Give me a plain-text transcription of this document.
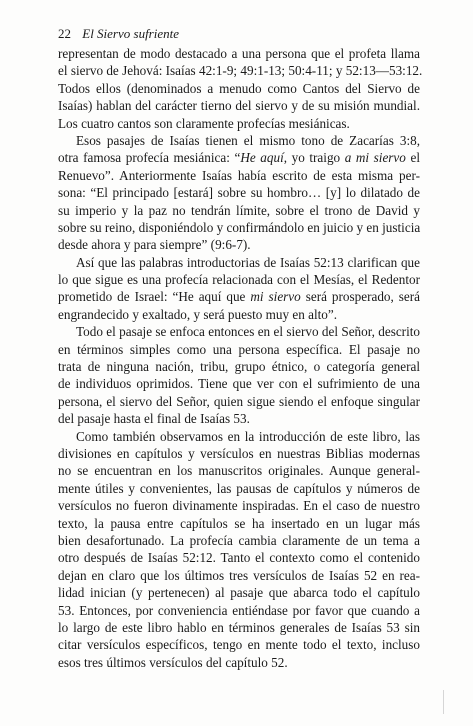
22 El Siervo sufriente
representan de modo destacado a una persona que el profeta llama
el siervo de Jehová: Isaías 42:1-9; 49:1-13; 50:4-11; y 52:13—53:12.
Todos ellos (denominados a menudo como Cantos del Siervo de
Isaías) hablan del carácter tierno del siervo y de su misión mundial.
Los cuatro cantos son claramente profecías mesiánicas.
Esos pasajes de Isaías tienen el mismo tono de Zacarías 3:8,
otra famosa profecía mesiánica: “He aquí, yo traigo a mi siervo el
Renuevo”. Anteriormente Isaías había escrito de esta misma per-
sona: “El principado [estará] sobre su hombro… [y] lo dilatado de
su imperio y la paz no tendrán límite, sobre el trono de David y
sobre su reino, disponiéndolo y confirmándolo en juicio y en justicia
desde ahora y para siempre” (9:6-7).
Así que las palabras introductorias de Isaías 52:13 clarifican que
lo que sigue es una profecía relacionada con el Mesías, el Redentor
prometido de Israel: “He aquí que mi siervo será prosperado, será
engrandecido y exaltado, y será puesto muy en alto”.
Todo el pasaje se enfoca entonces en el siervo del Señor, descrito
en términos simples como una persona específica. El pasaje no
trata de ninguna nación, tribu, grupo étnico, o categoría general
de individuos oprimidos. Tiene que ver con el sufrimiento de una
persona, el siervo del Señor, quien sigue siendo el enfoque singular
del pasaje hasta el final de Isaías 53.
Como también observamos en la introducción de este libro, las
divisiones en capítulos y versículos en nuestras Biblias modernas
no se encuentran en los manuscritos originales. Aunque general-
mente útiles y convenientes, las pausas de capítulos y números de
versículos no fueron divinamente inspiradas. En el caso de nuestro
texto, la pausa entre capítulos se ha insertado en un lugar más
bien desafortunado. La profecía cambia claramente de un tema a
otro después de Isaías 52:12. Tanto el contexto como el contenido
dejan en claro que los últimos tres versículos de Isaías 52 en rea-
lidad inician (y pertenecen) al pasaje que abarca todo el capítulo
53. Entonces, por conveniencia entiéndase por favor que cuando a
lo largo de este libro hablo en términos generales de Isaías 53 sin
citar versículos específicos, tengo en mente todo el texto, incluso
esos tres últimos versículos del capítulo 52.
